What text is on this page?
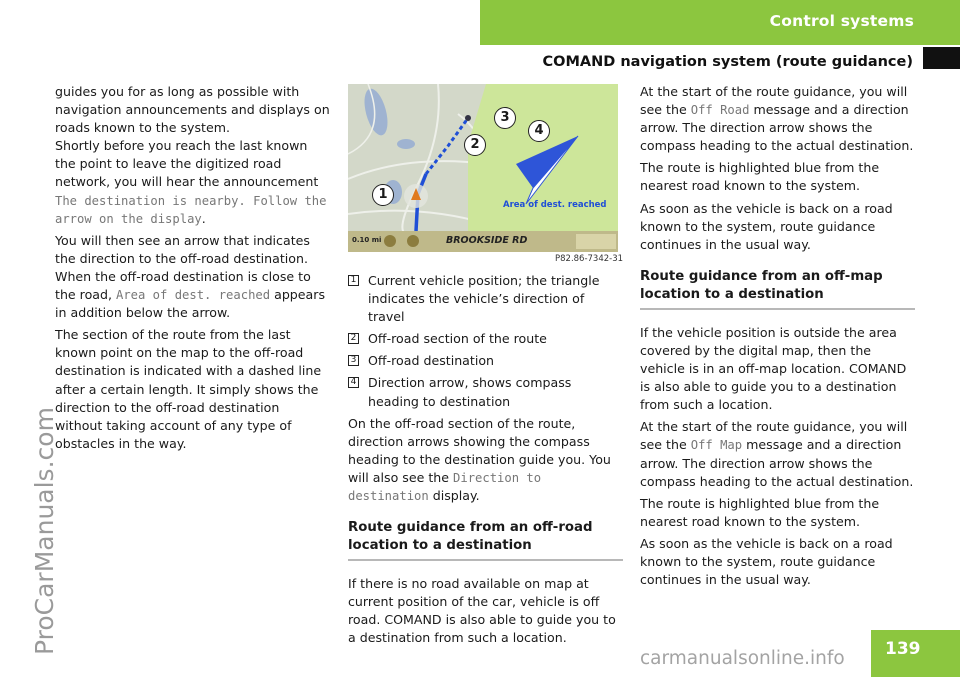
Control systems
COMAND navigation system (route guidance)
ProCarManuals.com

guides you for as long as possible with navigation announcements and displays on roads known to the system.

Shortly before you reach the last known the point to leave the digitized road network, you will hear the announcement The destination is nearby. Follow the arrow on the display.

You will then see an arrow that indicates the direction to the off-road destination. When the off-road destination is close to the road, Area of dest. reached appears in addition below the arrow.

The section of the route from the last known point on the map to the off-road destination is indicated with a dashed line after a certain length. It simply shows the direction to the off-road destination without taking account of any type of obstacles in the way.

0.10 mi	BROOKSIDE RD
Area of dest. reached
1
2
3
4
P82.86-7342-31
1 Current vehicle position; the triangle indicates the vehicle’s direction of travel
2 Off-road section of the route
3 Off-road destination
4 Direction arrow, shows compass heading to destination

On the off-road section of the route, direction arrows showing the compass heading to the destination guide you. You will also see the Direction to destination display.

Route guidance from an off-road location to a destination

If there is no road available on map at current position of the car, vehicle is off road. COMAND is also able to guide you to a destination from such a location.

At the start of the route guidance, you will see the Off Road message and a direction arrow. The direction arrow shows the compass heading to the actual destination.

The route is highlighted blue from the nearest road known to the system.

As soon as the vehicle is back on a road known to the system, route guidance continues in the usual way.

Route guidance from an off-map location to a destination

If the vehicle position is outside the area covered by the digital map, then the vehicle is in an off-map location. COMAND is also able to guide you to a destination from such a location.

At the start of the route guidance, you will see the Off Map message and a direction arrow. The direction arrow shows the compass heading to the actual destination.

The route is highlighted blue from the nearest road known to the system.

As soon as the vehicle is back on a road known to the system, route guidance continues in the usual way.

139
carmanualsonline.info
